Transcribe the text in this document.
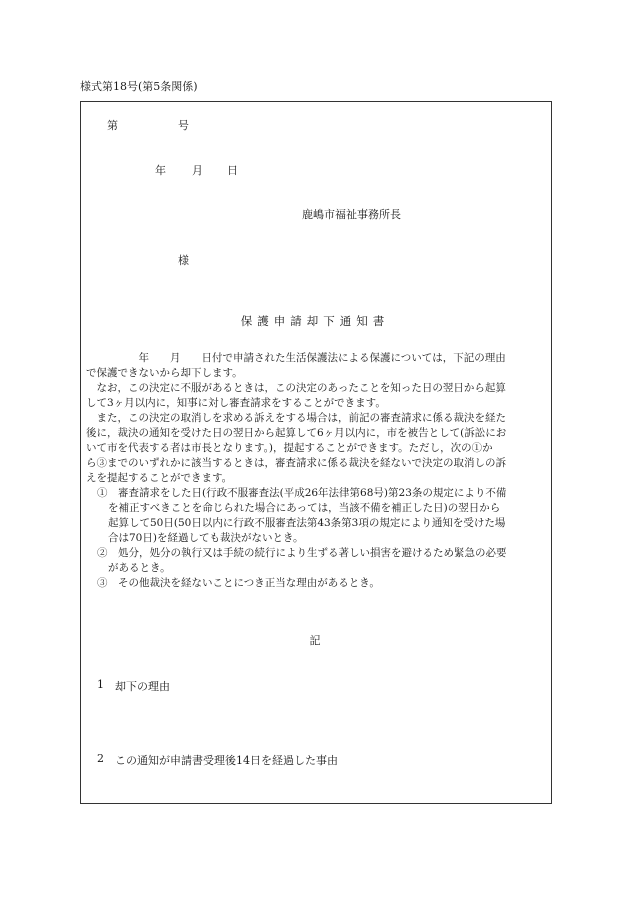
様式第18号(第5条関係)
第	号
年 月 日
鹿嶋市福祉事務所長
様
保護申請却下通知書

　　　　　年　　月　　日付で申請された生活保護法による保護については，下記の理由

で保護できないから却下します。

　なお，この決定に不服があるときは，この決定のあったことを知った日の翌日から起算

して3ヶ月以内に，知事に対し審査請求をすることができます。

　また，この決定の取消しを求める訴えをする場合は，前記の審査請求に係る裁決を経た

後に，裁決の通知を受けた日の翌日から起算して6ヶ月以内に，市を被告として(訴訟にお

いて市を代表する者は市長となります。)，提起することができます。ただし，次の①か

ら③までのいずれかに該当するときは，審査請求に係る裁決を経ないで決定の取消しの訴

えを提起することができます。

①　審査請求をした日(行政不服審査法(平成26年法律第68号)第23条の規定により不備

を補正すべきことを命じられた場合にあっては，当該不備を補正した日)の翌日から

起算して50日(50日以内に行政不服審査法第43条第3項の規定により通知を受けた場

合は70日)を経過しても裁決がないとき。

②　処分，処分の執行又は手続の続行により生ずる著しい損害を避けるため緊急の必要

があるとき。

③　その他裁決を経ないことにつき正当な理由があるとき。

記
1 却下の理由
2 この通知が申請書受理後14日を経過した事由
